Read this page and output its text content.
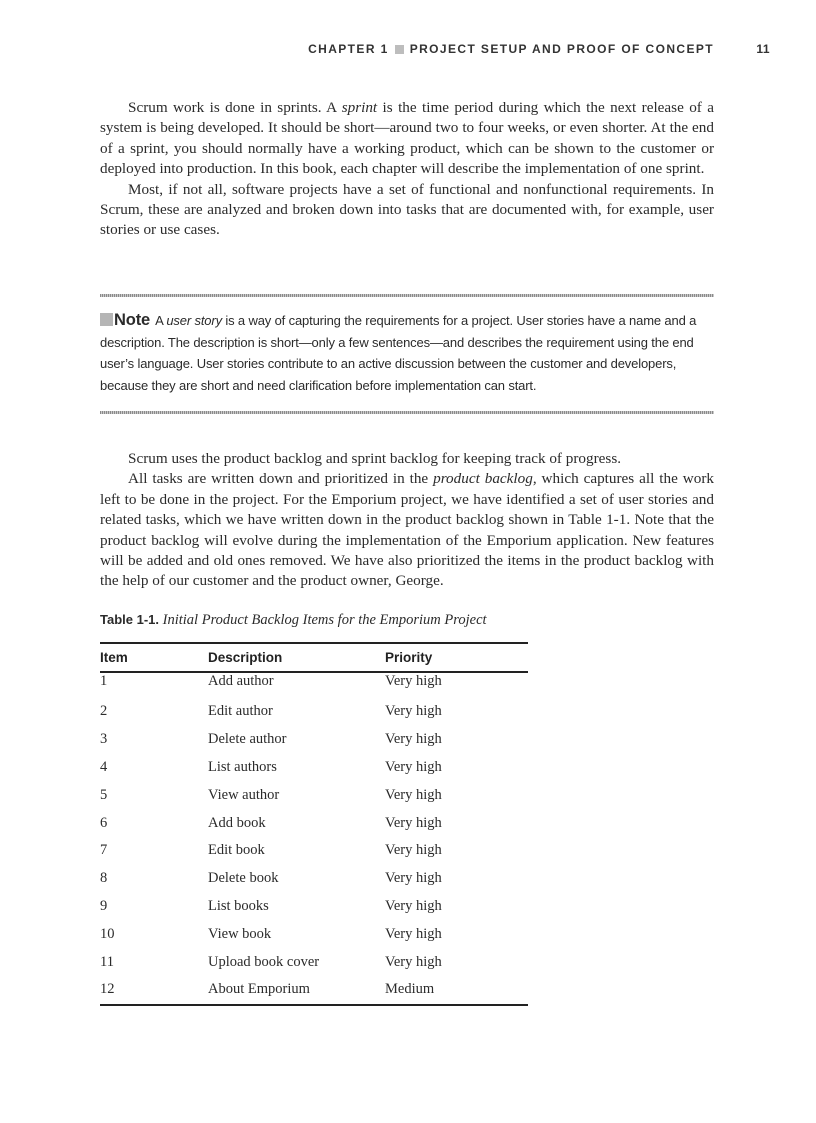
CHAPTER 1 PROJECT SETUP AND PROOF OF CONCEPT	11

Scrum work is done in sprints. A sprint is the time period during which the next release of a system is being developed. It should be short—around two to four weeks, or even shorter. At the end of a sprint, you should normally have a working product, which can be shown to the customer or deployed into production. In this book, each chapter will describe the implementation of one sprint.

Most, if not all, software projects have a set of functional and nonfunctional requirements. In Scrum, these are analyzed and broken down into tasks that are documented with, for example, user stories or use cases.

Note A user story is a way of capturing the requirements for a project. User stories have a name and a description. The description is short—only a few sentences—and describes the requirement using the end user’s language. User stories contribute to an active discussion between the customer and developers, because they are short and need clarification before implementation can start.

Scrum uses the product backlog and sprint backlog for keeping track of progress.

All tasks are written down and prioritized in the product backlog, which captures all the work left to be done in the project. For the Emporium project, we have identified a set of user stories and related tasks, which we have written down in the product backlog shown in Table 1-1. Note that the product backlog will evolve during the implementation of the Emporium application. New features will be added and old ones removed. We have also prioritized the items in the product backlog with the help of our customer and the product owner, George.

Table 1-1. Initial Product Backlog Items for the Emporium Project
Item	Description	Priority
1	Add author	Very high
2	Edit author	Very high
3	Delete author	Very high
4	List authors	Very high
5	View author	Very high
6	Add book	Very high
7	Edit book	Very high
8	Delete book	Very high
9	List books	Very high
10	View book	Very high
11	Upload book cover	Very high
12	About Emporium	Medium
